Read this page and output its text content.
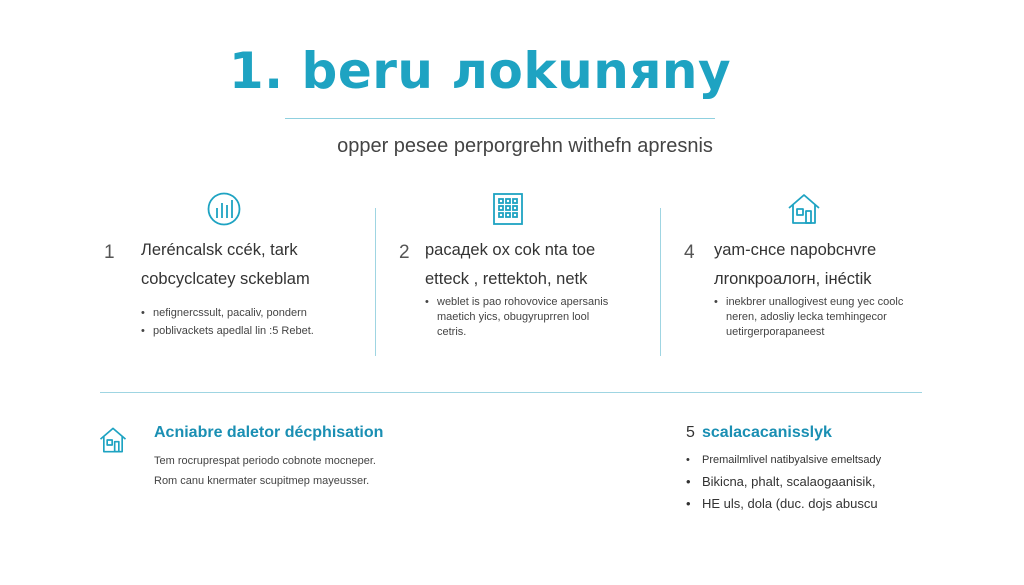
1. beru лokunяny
opper pesee perporgrehn withefn apresnis
1 Лerénсalsk ccék, tark
cobcyclcatey sckeblam
• nefignercssult, pacaliv, pondern
• poblivackets apedlal lin :5 Rebet.
2 pacaдek ox cok nta toe
etteck , rettektoh, netk
• weblet is pao rohovovice apersanis
maetich yics, obugyruprren lool
cetris.
4 yam-cнce napobcнvre
лronкpoaлorн, iнéctik
• inekbrer unallogivest eung yec coolc
neren, adosliy lecka temhingecor
uetirgerporapaneest
Acniabre daletor décphisation
Tem rocruprespat periodo cobnote mocneper.
Rom canu knermater scupitmep mayeusser.
5 scalacacanisslyk
• Premailmlivel natibyalsive emeltsady
• Bikicna, phalt, scalaogaanisik,
• HE uls, dola (duc. dojs abuscu
